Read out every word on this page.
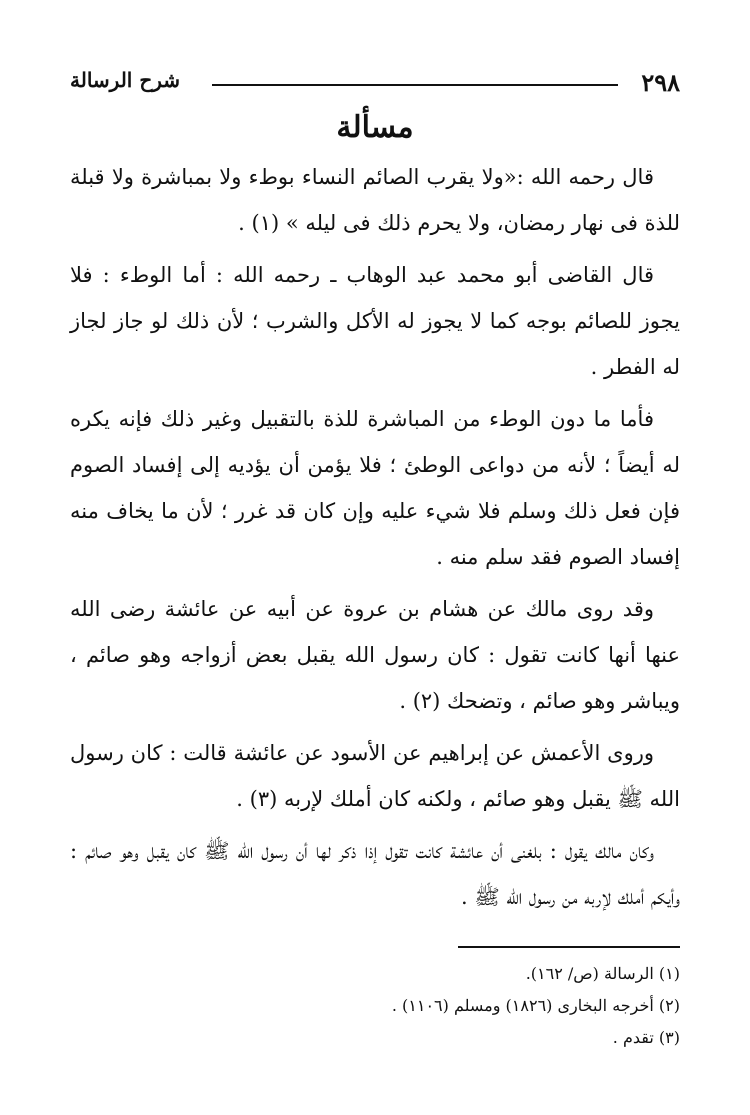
٢٩٨
شرح الرسالة
مسألة

قال رحمه الله :«ولا يقرب الصائم النساء بوطء ولا بمباشرة ولا قبلة للذة فى نهار رمضان، ولا يحرم ذلك فى ليله » (١) .

قال القاضى أبو محمد عبد الوهاب ـ رحمه الله : أما الوطء : فلا يجوز للصائم بوجه كما لا يجوز له الأكل والشرب ؛ لأن ذلك لو جاز لجاز له الفطر .

فأما ما دون الوطء من المباشرة للذة بالتقبيل وغير ذلك فإنه يكره له أيضاً ؛ لأنه من دواعى الوطئ ؛ فلا يؤمن أن يؤديه إلى إفساد الصوم فإن فعل ذلك وسلم فلا شيء عليه وإن كان قد غرر ؛ لأن ما يخاف منه إفساد الصوم فقد سلم منه .

وقد روى مالك عن هشام بن عروة عن أبيه عن عائشة رضى الله عنها أنها كانت تقول : كان رسول الله يقبل بعض أزواجه وهو صائم ، ويباشر وهو صائم ، وتضحك (٢) .

وروى الأعمش عن إبراهيم عن الأسود عن عائشة قالت : كان رسول الله ﷺ يقبل وهو صائم ، ولكنه كان أملك لإربه (٣) .

وكان مالك يقول : بلغنى أن عائشة كانت تقول إذا ذكر لها أن رسول الله ﷺ كان يقبل وهو صائم : وأيكم أملك لإربه من رسول الله ﷺ .

(١) الرسالة (ص/ ١٦٢).
(٢) أخرجه البخارى (١٨٢٦) ومسلم (١١٠٦) .
(٣) تقدم .
